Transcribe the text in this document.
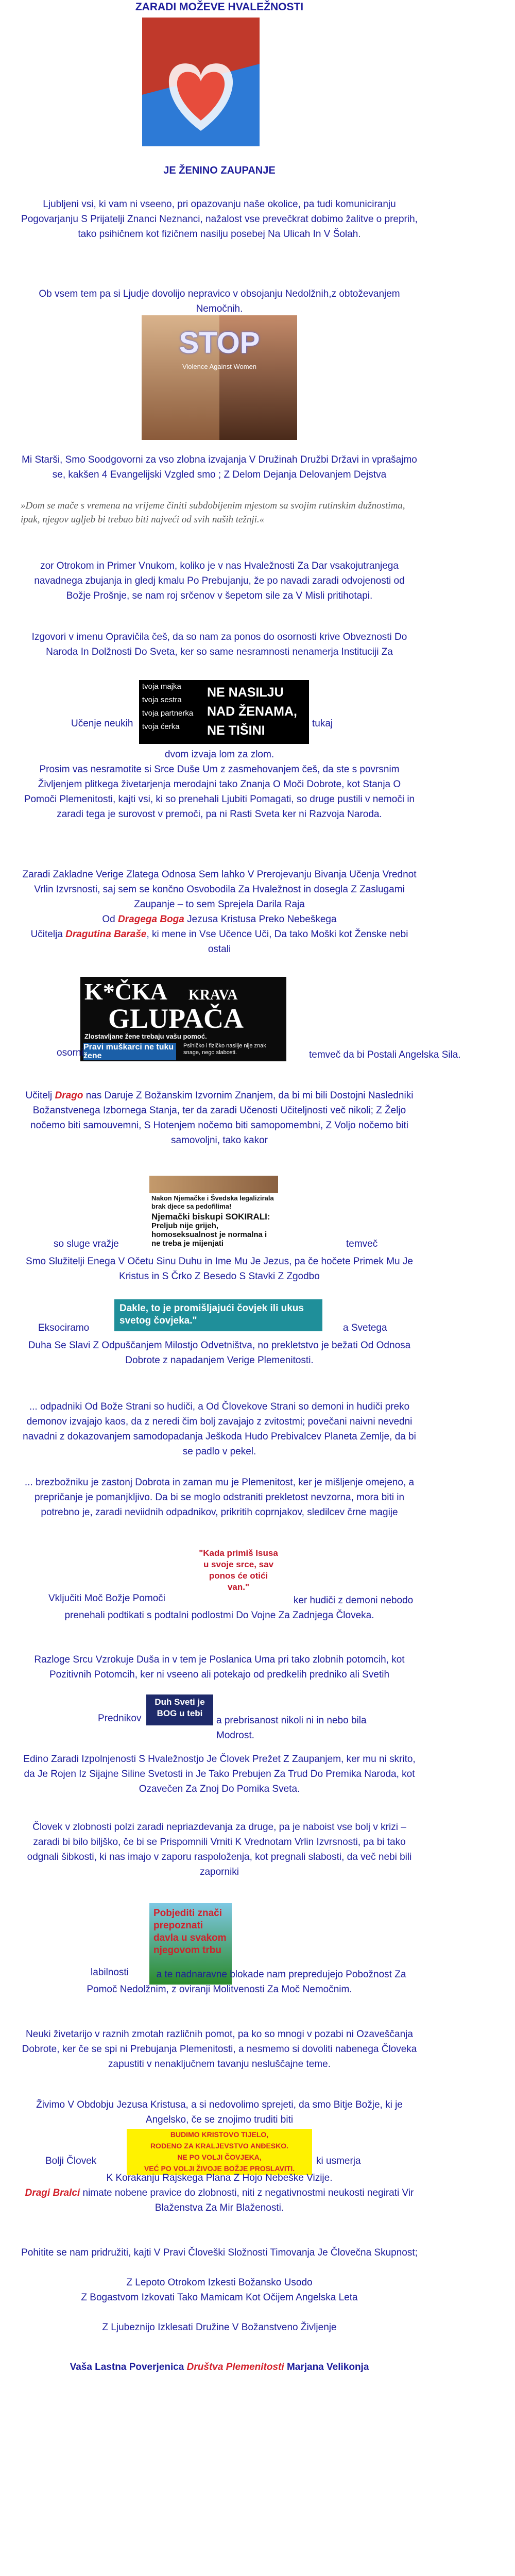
ZARADI MOŽEVE HVALEŽNOSTI

JE ŽENINO ZAUPANJE

Ljubljeni vsi, ki vam ni vseeno, pri opazovanju naše okolice, pa tudi komuniciranju Pogovarjanju S Prijatelji Znanci Neznanci, nažalost vse prevečkrat dobimo žalitve o preprih, tako psihičnem kot fizičnem nasilju posebej Na Ulicah In V Šolah.

Ob vsem tem pa si Ljudje dovolijo nepravico v obsojanju Nedolžnih,z obtoževanjem Nemočnih.

STOP
Violence Against Women

Mi Starši, Smo Soodgovorni za vso zlobna izvajanja V Družinah Družbi Državi in vprašajmo se, kakšen 4 Evangelijski Vzgled smo ; Z Delom Dejanja Delovanjem Dejstva

»Dom se mače s vremena na vrijeme činiti subdobijenim mjestom sa svojim rutinskim dužnostima, ipak, njegov ugljeb bi trebao biti najveći od svih naših težnji.«

zor Otrokom in Primer Vnukom, koliko je v nas Hvaležnosti Za Dar vsakojutranjega navadnega zbujanja in gledj kmalu Po Prebujanju, že po navadi zaradi odvojenosti od Božje Prošnje, se nam roj srčenov v šepetom sile za V Misli pritihotapi.

Izgovori v imenu Opravičila češ, da so nam za ponos do osornosti krive Obveznosti Do Naroda In Dolžnosti Do Sveta, ker so same nesramnosti nenamerja Instituciji Za

tvoja majka
tvoja sestra
tvoja partnerka
tvoja ćerka
NE NASILJU
NAD ŽENAMA,
NE TIŠINI
Učenje neukih	tukaj

dvom izvaja lom za zlom.

Prosim vas nesramotite si Srce Duše Um z zasmehovanjem češ, da ste s povrsnim Življenjem plitkega živetarjenja merodajni tako Znanja O Moči Dobrote, kot Stanja O Pomoči Plemenitosti, kajti vsi, ki so prenehali Ljubiti Pomagati, so druge pustili v nemoči in zaradi tega je surovost v premoči, pa ni Rasti Sveta ker ni Razvoja Naroda.

Zaradi Zakladne Verige Zlatega Odnosa Sem lahko V Prerojevanju Bivanja Učenja Vrednot Vrlin Izvrsnosti, saj sem se končno Osvobodila Za Hvaležnost in dosegla Z Zaslugami Zaupanje – to sem Sprejela Darila Raja

Od Dragega Boga Jezusa Kristusa Preko Nebeškega

Učitelja Dragutina Baraše, ki mene in Vse Učence Uči, Da tako Moški kot Ženske nebi ostali

K*ČKA KRAVA
GLUPAČA
Zlostavljane žene trebaju vašu pomoć.
Pravi muškarci ne tuku žene
Psihičko i fizičko nasilje nije znak snage, nego slabosti.
osorni	temveč da bi Postali Angelska Sila.

Učitelj Drago nas Daruje Z Božanskim Izvornim Znanjem, da bi mi bili Dostojni Nasledniki Božanstvenega Izbornega Stanja, ter da zaradi Učenosti Učiteljnosti več nikoli; Z Željo nočemo biti samouvemni, S Hotenjem nočemo biti samopomembni, Z Voljo nočemo biti samovoljni, tako kakor

Nakon Njemačke i Švedska legalizirala brak djece sa pedofilima!
Njemački biskupi SOKIRALI:
Preljub nije grijeh, homoseksualnost je normalna i ne treba je mijenjati
so sluge vražje	temveč

Smo Služitelji Enega V Očetu Sinu Duhu in Ime Mu Je Jezus, pa če hočete Primek Mu Je Kristus in S Črko Z Besedo S Stavki Z Zgodbo

Dakle, to je promišljajući čovjek ili ukus svetog čovjeka."
Eksociramo	a Svetega

Duha Se Slavi Z Odpuščanjem Milostjo Odvetništva, no prekletstvo je bežati Od Odnosa Dobrote z napadanjem Verige Plemenitosti.

... odpadniki Od Bože Strani so hudiči, a Od Človekove Strani so demoni in hudiči preko demonov izvajajo kaos, da z neredi čim bolj zavajajo z zvitostmi; povečani naivni nevedni navadni z dokazovanjem samodopadanja Ješkoda Hudo Prebivalcev Planeta Zemlje, da bi se padlo v pekel.

... brezbožniku je zastonj Dobrota in zaman mu je Plemenitost, ker je mišljenje omejeno, a prepričanje je pomanjkljivo. Da bi se moglo odstraniti prekletost nevzorna, mora biti in potrebno je, zaradi neviidnih odpadnikov, prikritih coprnjakov, sledilcev črne magije

"Kada primiš Isusa u svoje srce, sav ponos će otići van."
Vključiti Moč Božje Pomoči	ker hudiči z demoni nebodo prenehali podtikati s podtalni podlostmi Do Vojne Za Zadnjega Človeka.

Razloge Srcu Vzrokuje Duša in v tem je Poslanica Uma pri tako zlobnih potomcih, kot Pozitivnih Potomcih, ker ni vseeno ali potekajo od predkelih predniko ali Svetih

Duh Sveti je BOG u tebi
Prednikov	a prebrisanost nikoli ni in nebo bila Modrost.

Edino Zaradi Izpolnjenosti S Hvaležnostjo Je Človek Prežet Z Zaupanjem, ker mu ni skrito, da Je Rojen Iz Sijajne Siline Svetosti in Je Tako Prebujen Za Trud Do Premika Naroda, kot Ozavečen Za Znoj Do Pomika Sveta.

Človek v zlobnosti polzi zaradi nepriazdevanja za druge, pa je naboist vse bolj v krizi – zaradi bi bilo biljško, če bi se Prispomnili Vrniti K Vrednotam Vrlin Izvrsnosti, pa bi tako odgnali šibkosti, ki nas imajo v zaporu raspoloženja, kot pregnali slabosti, da več nebi bili zaporniki

Pobjediti znači prepoznati davla u svakom njegovom trbu
labilnosti	a te nadnaravne blokade nam prepredujejo Pobožnost Za Pomoč Nedolžnim, z oviranji Molitvenosti Za Moč Nemočnim.

Neuki živetarijo v raznih zmotah različnih pomot, pa ko so mnogi v pozabi ni Ozaveščanja Dobrote, ker če se spi ni Prebujanja Plemenitosti, a nesmemo si dovoliti nabenega Človeka zapustiti v nenaključnem tavanju nesluščajne teme.

Živimo V Obdobju Jezusa Kristusa, a si nedovolimo sprejeti, da smo Bitje Božje, ki je Angelsko, če se znojimo truditi biti

BUDIMO KRISTOVO TIJELO,
RODENO ZA KRALJEVSTVO ANĐESKO.
NE PO VOLJI ČOVJEKA,
VEĆ PO VOLJI ŽIVOJE BOŽJE PROSLAVITI.
Bolji Človek	ki usmerja

K Korakanju Rajskega Plana Z Hojo Nebeške Vizije.

Dragi Bralci nimate nobene pravice do zlobnosti, niti z negativnostmi neukosti negirati Vir Blaženstva Za Mir Blaženosti.

Pohitite se nam pridružiti, kajti V Pravi Človeški Složnosti Timovanja Je Človečna Skupnost;

Z Lepoto Otrokom Izkesti Božansko Usodo

Z Bogastvom Izkovati Tako Mamicam Kot Očijem Angelska Leta

Z Ljubeznijo Izklesati Družine V Božanstveno Življenje

Vaša Lastna Poverjenica Društva Plemenitosti Marjana Velikonja
